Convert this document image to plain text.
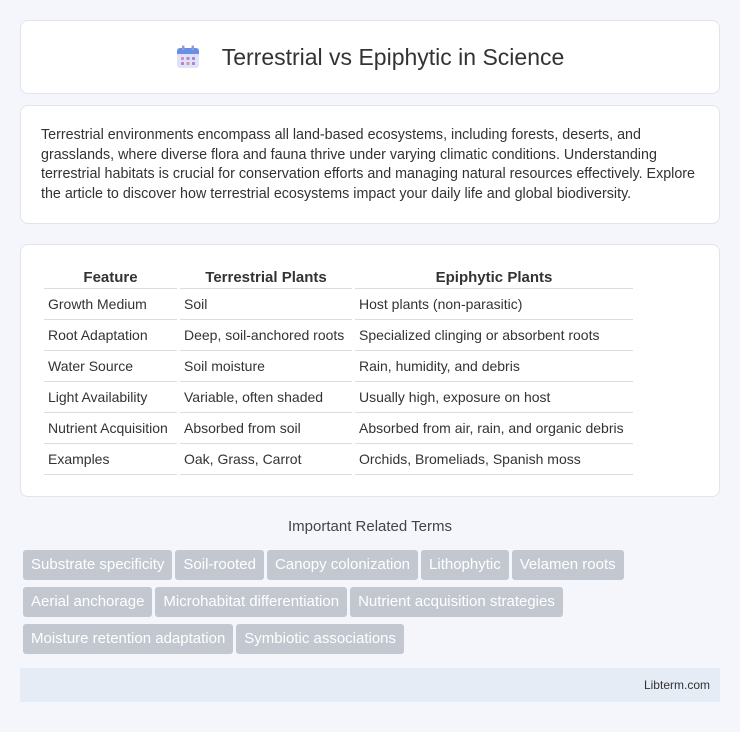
Terrestrial vs Epiphytic in Science

Terrestrial environments encompass all land-based ecosystems, including forests, deserts, and grasslands, where diverse flora and fauna thrive under varying climatic conditions. Understanding terrestrial habitats is crucial for conservation efforts and managing natural resources effectively. Explore the article to discover how terrestrial ecosystems impact your daily life and global biodiversity.

Feature	Terrestrial Plants	Epiphytic Plants
Growth Medium	Soil	Host plants (non-parasitic)
Root Adaptation	Deep, soil-anchored roots	Specialized clinging or absorbent roots
Water Source	Soil moisture	Rain, humidity, and debris
Light Availability	Variable, often shaded	Usually high, exposure on host
Nutrient Acquisition	Absorbed from soil	Absorbed from air, rain, and organic debris
Examples	Oak, Grass, Carrot	Orchids, Bromeliads, Spanish moss
Important Related Terms
Substrate specificity Soil-rooted Canopy colonization Lithophytic Velamen rootsAerial anchorage Microhabitat differentiation Nutrient acquisition strategiesMoisture retention adaptation Symbiotic associations
Libterm.com
